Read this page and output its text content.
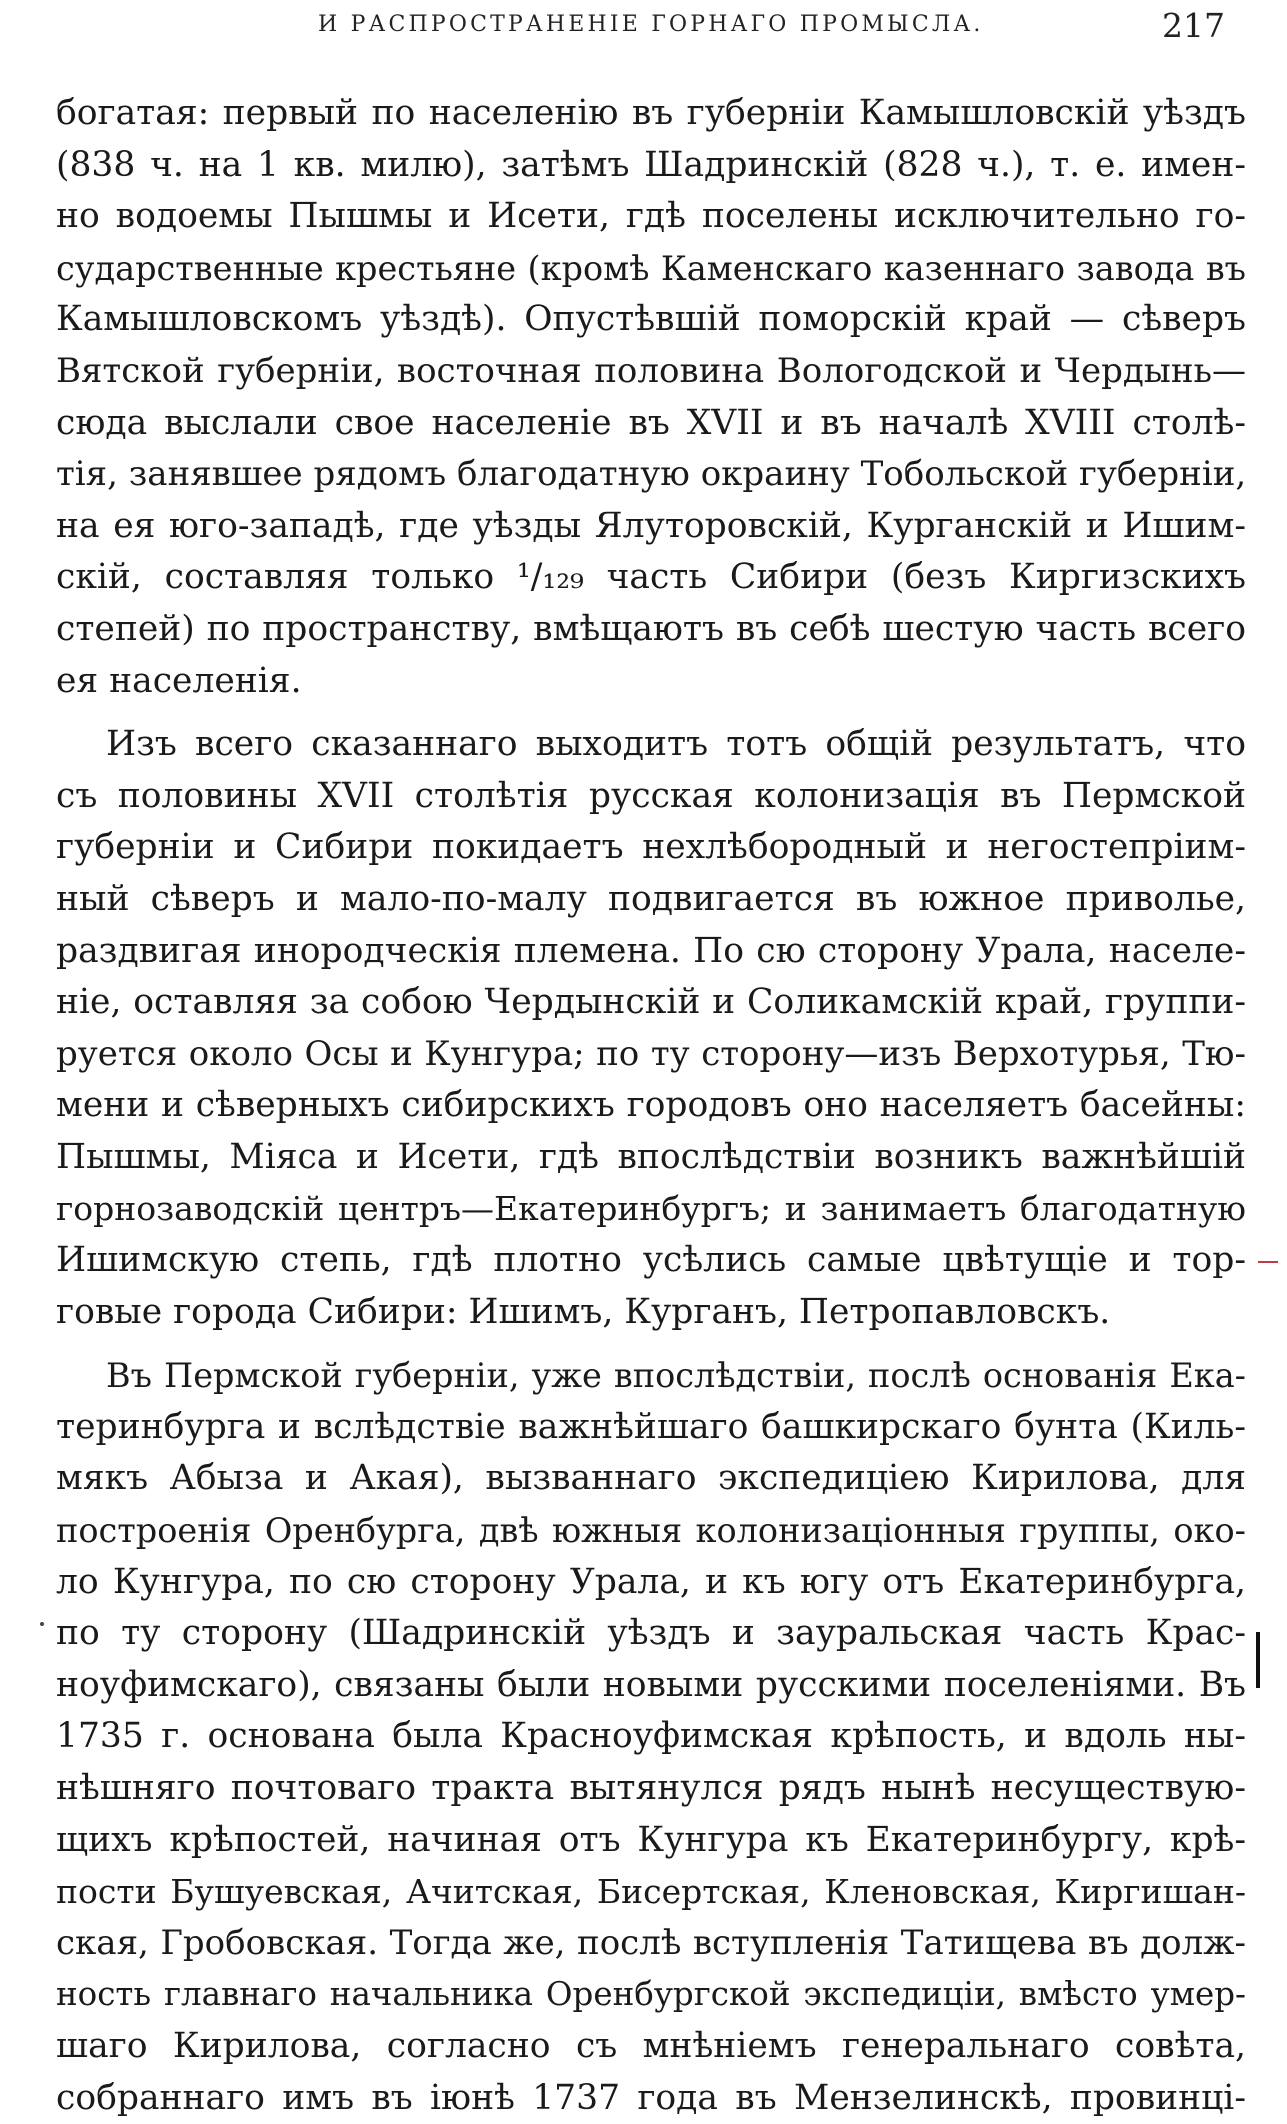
И РАСПРОСТРАНЕНІЕ ГОРНАГО ПРОМЫСЛА.	217
богатая: первый по населенію въ губерніи Камышловскій уѣздъ
(838 ч. на 1 кв. милю), затѣмъ Шадринскій (828 ч.), т. е. имен-
но водоемы Пышмы и Исети, гдѣ поселены исключительно го-
сударственные крестьяне (кромѣ Каменскаго казеннаго завода въ
Камышловскомъ уѣздѣ). Опустѣвшій поморскій край — сѣверъ
Вятской губерніи, восточная половина Вологодской и Чердынь—
сюда выслали свое населеніе въ XVII и въ началѣ XVIII столѣ-
тія, занявшее рядомъ благодатную окраину Тобольской губерніи,
на ея юго-западѣ, где уѣзды Ялуторовскій, Курганскій и Ишим-
скій, составляя только ¹/₁₂₉ часть Сибири (безъ Киргизскихъ
степей) по пространству, вмѣщаютъ въ себѣ шестую часть всего
ея населенія.
Изъ всего сказаннаго выходитъ тотъ общій результатъ, что
съ половины XVII столѣтія русская колонизація въ Пермской
губерніи и Сибири покидаетъ нехлѣбородный и негостепріим-
ный сѣверъ и мало-по-малу подвигается въ южное приволье,
раздвигая инородческія племена. По сю сторону Урала, населе-
ніе, оставляя за собою Чердынскій и Соликамскій край, группи-
руется около Осы и Кунгура; по ту сторону—изъ Верхотурья, Тю-
мени и сѣверныхъ сибирскихъ городовъ оно населяетъ басейны:
Пышмы, Міяса и Исети, гдѣ впослѣдствіи возникъ важнѣйшій
горнозаводскій центръ—Екатеринбургъ; и занимаетъ благодатную
Ишимскую степь, гдѣ плотно усѣлись самые цвѣтущіе и тор-
говые города Сибири: Ишимъ, Курганъ, Петропавловскъ.
Въ Пермской губерніи, уже впослѣдствіи, послѣ основанія Ека-
теринбурга и вслѣдствіе важнѣйшаго башкирскаго бунта (Киль-
мякъ Абыза и Акая), вызваннаго экспедиціею Кирилова, для
построенія Оренбурга, двѣ южныя колонизаціонныя группы, око-
ло Кунгура, по сю сторону Урала, и къ югу отъ Екатеринбурга,
по ту сторону (Шадринскій уѣздъ и зауральская часть Крас-
ноуфимскаго), связаны были новыми русскими поселеніями. Въ
1735 г. основана была Красноуфимская крѣпость, и вдоль ны-
нѣшняго почтоваго тракта вытянулся рядъ нынѣ несуществую-
щихъ крѣпостей, начиная отъ Кунгура къ Екатеринбургу, крѣ-
пости Бушуевская, Ачитская, Бисертская, Кленовская, Киргишан-
ская, Гробовская. Тогда же, послѣ вступленія Татищева въ долж-
ность главнаго начальника Оренбургской экспедиціи, вмѣсто умер-
шаго Кирилова, согласно съ мнѣніемъ генеральнаго совѣта,
собраннаго имъ въ іюнѣ 1737 года въ Мензелинскѣ, провинці-
